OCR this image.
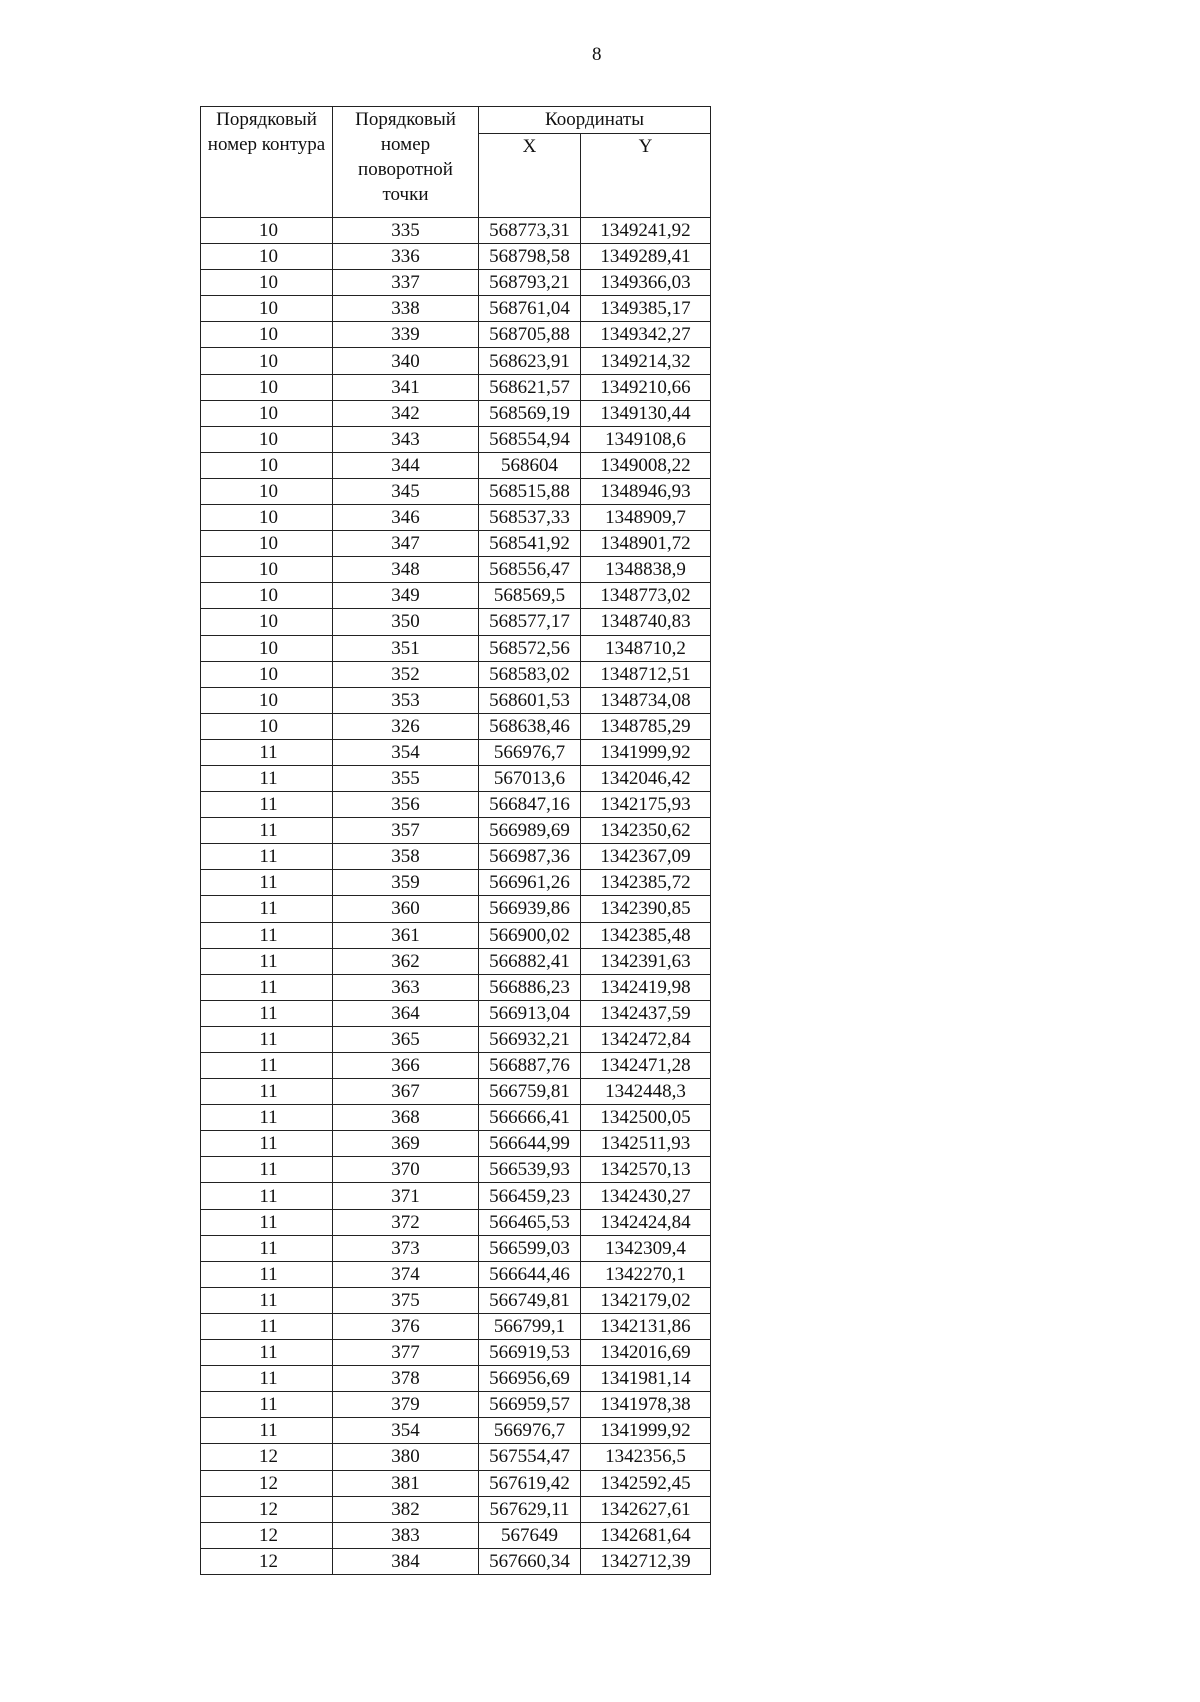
8
Порядковый номер контура	Порядковый номер поворотной точки	Координаты	
		X	Y
10	335	568773,31	1349241,92
10	336	568798,58	1349289,41
10	337	568793,21	1349366,03
10	338	568761,04	1349385,17
10	339	568705,88	1349342,27
10	340	568623,91	1349214,32
10	341	568621,57	1349210,66
10	342	568569,19	1349130,44
10	343	568554,94	1349108,6
10	344	568604	1349008,22
10	345	568515,88	1348946,93
10	346	568537,33	1348909,7
10	347	568541,92	1348901,72
10	348	568556,47	1348838,9
10	349	568569,5	1348773,02
10	350	568577,17	1348740,83
10	351	568572,56	1348710,2
10	352	568583,02	1348712,51
10	353	568601,53	1348734,08
10	326	568638,46	1348785,29
11	354	566976,7	1341999,92
11	355	567013,6	1342046,42
11	356	566847,16	1342175,93
11	357	566989,69	1342350,62
11	358	566987,36	1342367,09
11	359	566961,26	1342385,72
11	360	566939,86	1342390,85
11	361	566900,02	1342385,48
11	362	566882,41	1342391,63
11	363	566886,23	1342419,98
11	364	566913,04	1342437,59
11	365	566932,21	1342472,84
11	366	566887,76	1342471,28
11	367	566759,81	1342448,3
11	368	566666,41	1342500,05
11	369	566644,99	1342511,93
11	370	566539,93	1342570,13
11	371	566459,23	1342430,27
11	372	566465,53	1342424,84
11	373	566599,03	1342309,4
11	374	566644,46	1342270,1
11	375	566749,81	1342179,02
11	376	566799,1	1342131,86
11	377	566919,53	1342016,69
11	378	566956,69	1341981,14
11	379	566959,57	1341978,38
11	354	566976,7	1341999,92
12	380	567554,47	1342356,5
12	381	567619,42	1342592,45
12	382	567629,11	1342627,61
12	383	567649	1342681,64
12	384	567660,34	1342712,39
